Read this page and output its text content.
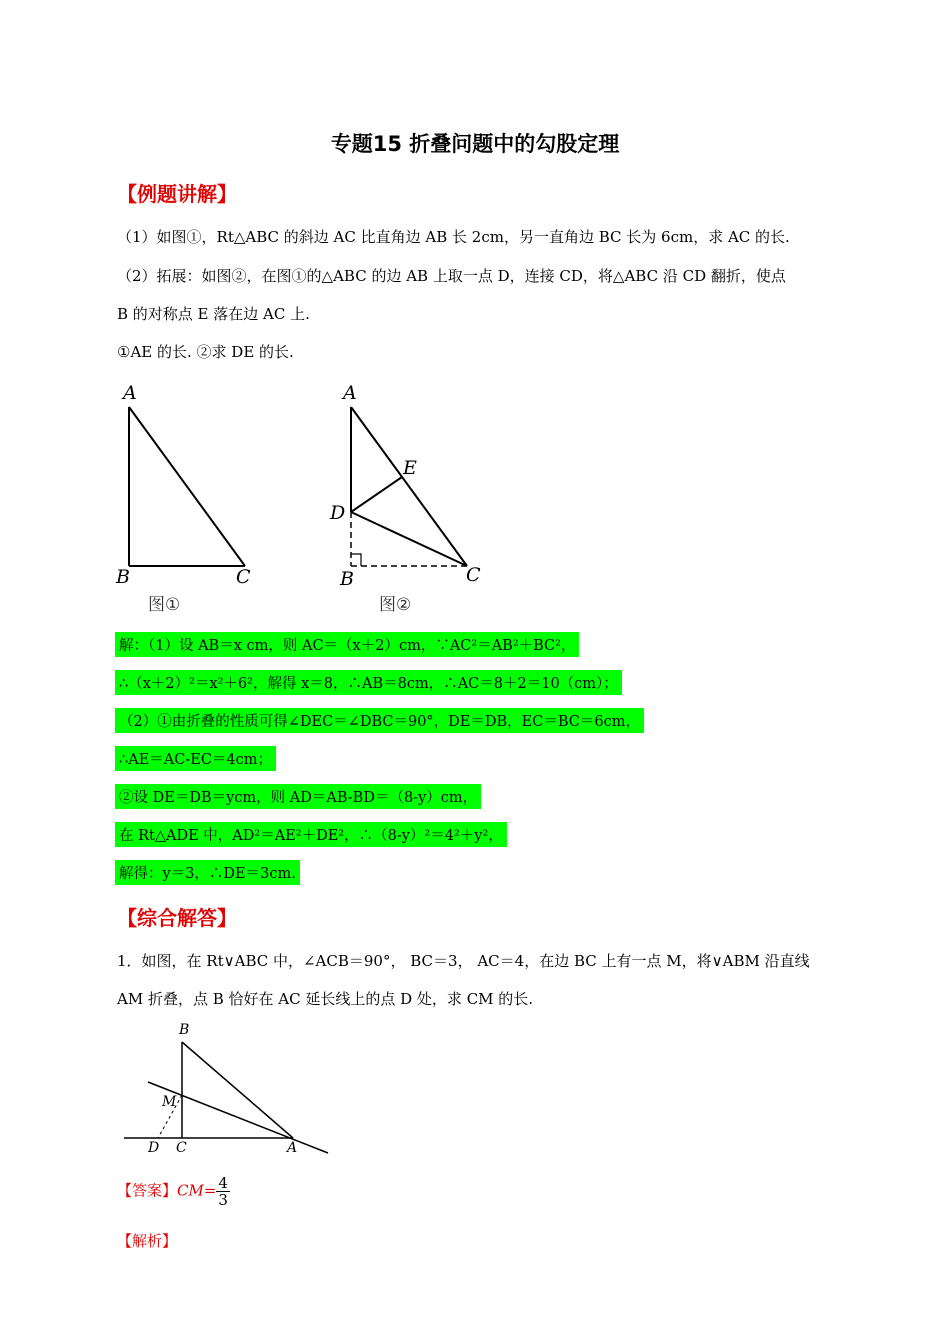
专题15 折叠问题中的勾股定理
【例题讲解】
（1）如图①，Rt△ABC 的斜边 AC 比直角边 AB 长 2cm，另一直角边 BC 长为 6cm，求 AC 的长.
（2）拓展：如图②，在图①的△ABC 的边 AB 上取一点 D，连接 CD，将△ABC 沿 CD 翻折，使点
B 的对称点 E 落在边 AC 上.
①AE 的长. ②求 DE 的长.
A
B	C
图①
A
E
D
B	C
图②
解：（1）设 AB＝x cm，则 AC＝（x＋2）cm，∵AC²＝AB²＋BC²，
∴（x＋2）²＝x²＋6²，解得 x＝8，∴AB＝8cm，∴AC＝8＋2＝10（cm）；
（2）①由折叠的性质可得∠DEC＝∠DBC＝90°，DE＝DB，EC＝BC＝6cm，
∴AE＝AC-EC＝4cm；
②设 DE＝DB＝ycm，则 AD＝AB-BD＝（8-y）cm，
在 Rt△ADE 中，AD²＝AE²＋DE²，∴（8-y）²＝4²＋y²，
解得：y＝3，∴DE＝3cm.
【综合解答】
1．如图，在 Rt∨ABC 中，∠ACB＝90°， BC＝3， AC＝4，在边 BC 上有一点 M，将∨ABM 沿直线
AM 折叠，点 B 恰好在 AC 延长线上的点 D 处，求 CM 的长.
B
M
D C	A
【答案】$CM= \frac{4}{3}$
【解析】
